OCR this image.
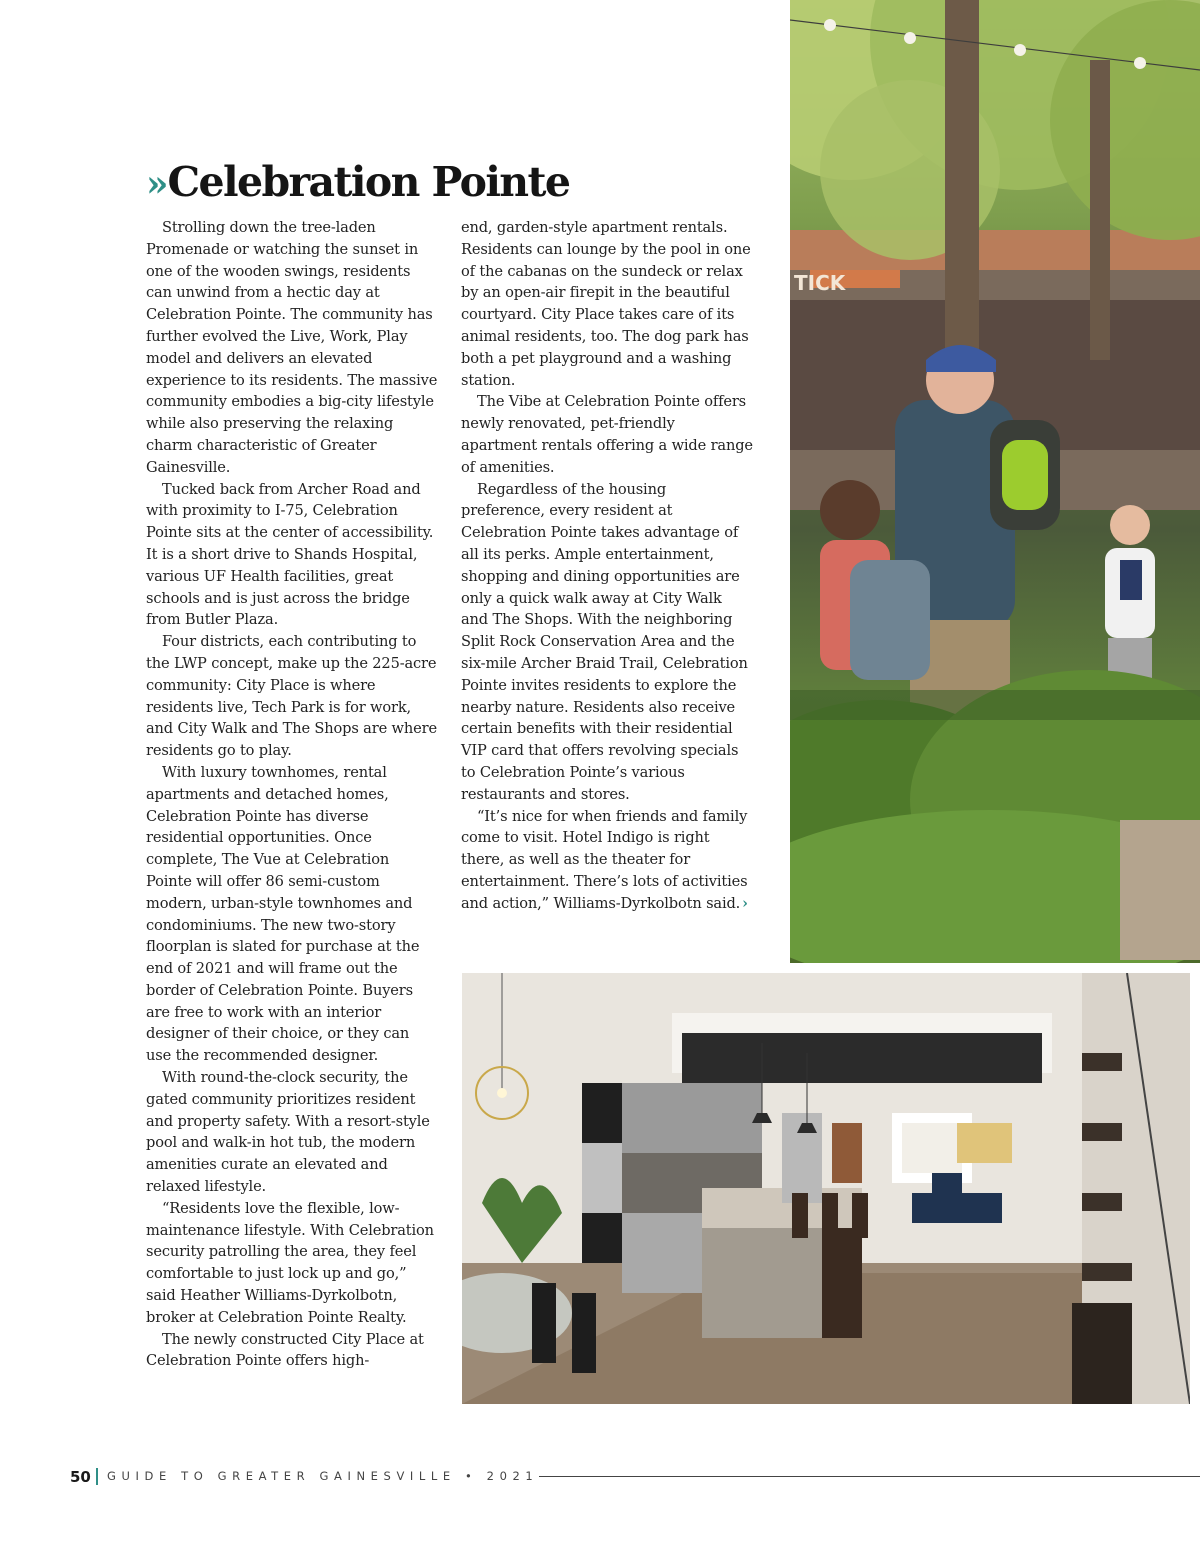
»Celebration Pointe

Strolling down the tree-laden Promenade or watching the sunset in one of the wooden swings, residents can unwind from a hectic day at Celebration Pointe. The community has further evolved the Live, Work, Play model and delivers an elevated experience to its residents. The massive community embodies a big-city lifestyle while also preserving the relaxing charm characteristic of Greater Gainesville.

Tucked back from Archer Road and with proximity to I-75, Celebration Pointe sits at the center of accessibility. It is a short drive to Shands Hospital, various UF Health facilities, great schools and is just across the bridge from Butler Plaza.

Four districts, each contributing to the LWP concept, make up the 225-acre community: City Place is where residents live, Tech Park is for work, and City Walk and The Shops are where residents go to play.

With luxury townhomes, rental apartments and detached homes, Celebration Pointe has diverse residential opportunities. Once complete, The Vue at Celebration Pointe will offer 86 semi-custom modern, urban-style townhomes and condominiums. The new two-story floorplan is slated for purchase at the end of 2021 and will frame out the border of Celebration Pointe. Buyers are free to work with an interior designer of their choice, or they can use the recommended designer.

With round-the-clock security, the gated community prioritizes resident and property safety. With a resort-style pool and walk-in hot tub, the modern amenities curate an elevated and relaxed lifestyle.

“Residents love the flexible, low-maintenance lifestyle. With Celebration security patrolling the area, they feel comfortable to just lock up and go,” said Heather Williams-Dyrkolbotn, broker at Celebration Pointe Realty.

The newly constructed City Place at Celebration Pointe offers high-

end, garden-style apartment rentals. Residents can lounge by the pool in one of the cabanas on the sundeck or relax by an open-air firepit in the beautiful courtyard. City Place takes care of its animal residents, too. The dog park has both a pet playground and a washing station.

The Vibe at Celebration Pointe offers newly renovated, pet-friendly apartment rentals offering a wide range of amenities.

Regardless of the housing preference, every resident at Celebration Pointe takes advantage of all its perks. Ample entertainment, shopping and dining opportunities are only a quick walk away at City Walk and The Shops. With the neighboring Split Rock Conservation Area and the six-mile Archer Braid Trail, Celebration Pointe invites residents to explore the nearby nature. Residents also receive certain benefits with their residential VIP card that offers revolving specials to Celebration Pointe’s various restaurants and stores.

“It’s nice for when friends and family come to visit. Hotel Indigo is right there, as well as the theater for entertainment. There’s lots of activities and action,” Williams-Dyrkolbotn said. ›

TICK
50 GUIDE TO GREATER GAINESVILLE • 2021
